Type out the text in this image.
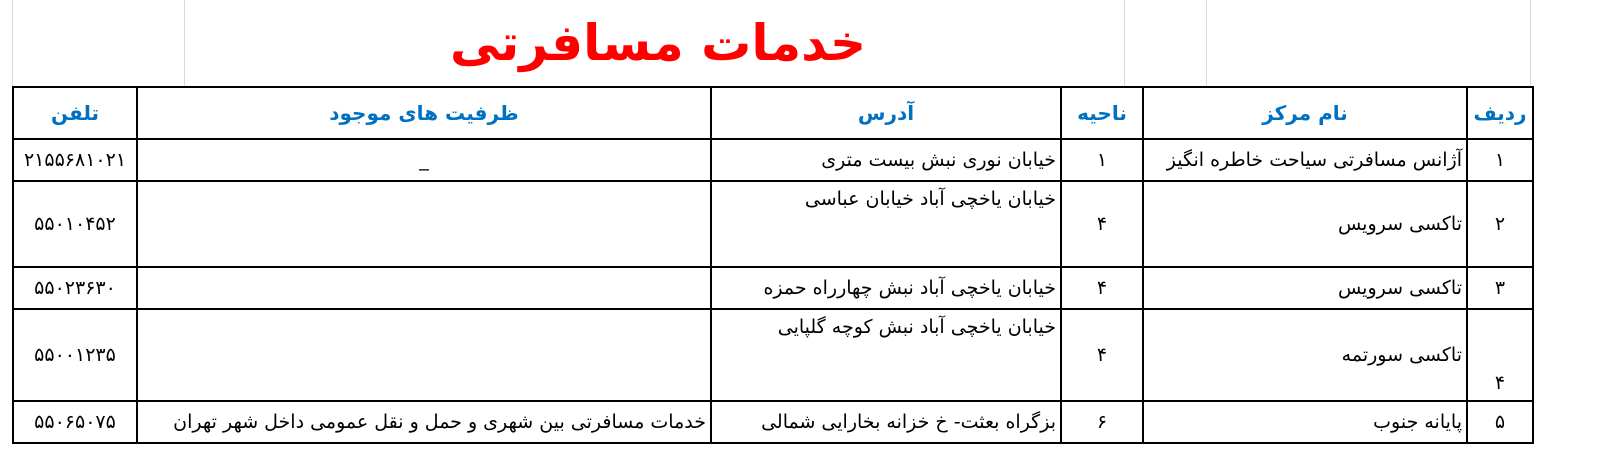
خدمات مسافرتی
ردیف	نام مرکز	ناحیه	آدرس	ظرفیت های موجود	تلفن
۱	آژانس مسافرتی سیاحت خاطره انگیز	۱	خیابان نوری نبش بیست متری	_	۲۱۵۵۶۸۱۰۲۱
۲	تاکسی سرویس	۴	خیابان یاخچی آباد خیابان عباسی		۵۵۰۱۰۴۵۲
۳	تاکسی سرویس	۴	خیابان یاخچی آباد نبش چهارراه حمزه		۵۵۰۲۳۶۳۰
۴	تاکسی سورتمه	۴	خیابان یاخچی آباد نبش کوچه گلپایی		۵۵۰۰۱۲۳۵
۵	پایانه جنوب	۶	بزگراه بعثت- خ خزانه بخارایی شمالی	خدمات مسافرتی بین شهری و حمل و نقل عمومی داخل شهر تهران	۵۵۰۶۵۰۷۵
